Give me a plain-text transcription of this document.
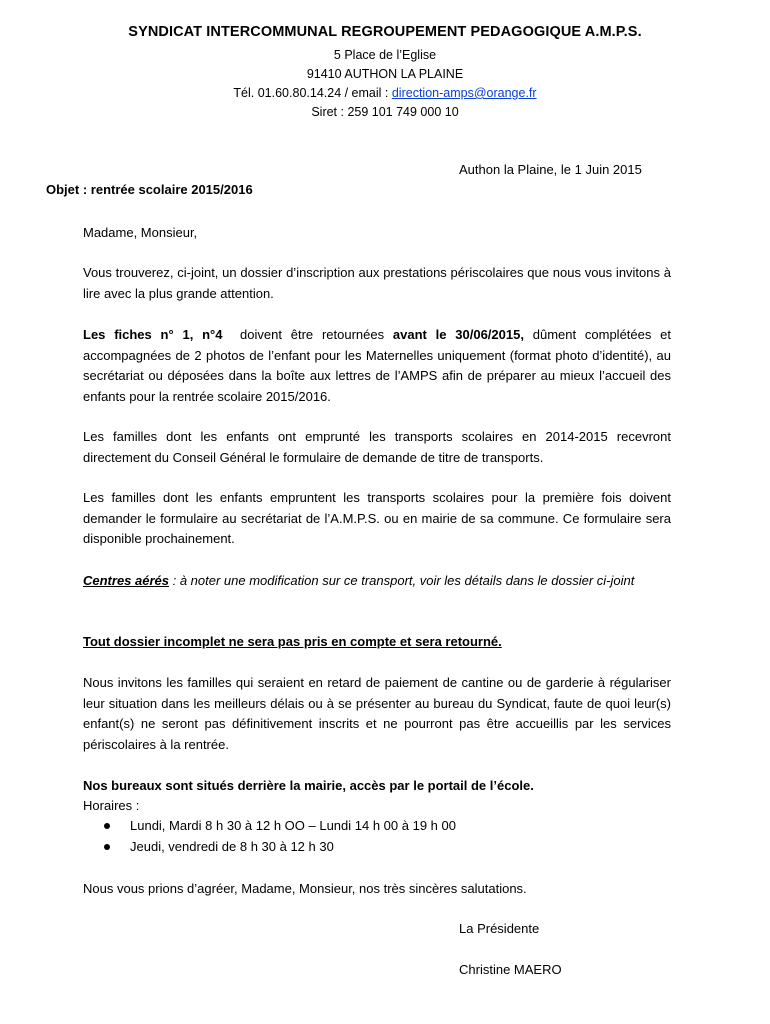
SYNDICAT INTERCOMMUNAL REGROUPEMENT PEDAGOGIQUE A.M.P.S.
5 Place de l’Eglise
91410 AUTHON LA PLAINE
Tél. 01.60.80.14.24 / email : direction-amps@orange.fr
Siret : 259 101 749 000 10
Authon la Plaine, le 1 Juin 2015
Objet : rentrée scolaire 2015/2016
Madame, Monsieur,
Vous trouverez, ci-joint, un dossier d’inscription aux prestations périscolaires que nous vous invitons à lire avec la plus grande attention.
Les fiches n° 1, n°4  doivent être retournées avant le 30/06/2015, dûment complétées et accompagnées de 2 photos de l’enfant pour les Maternelles uniquement (format photo d’identité), au secrétariat ou déposées dans la boîte aux lettres de l’AMPS afin de préparer au mieux l’accueil des enfants pour la rentrée scolaire 2015/2016.
Les familles dont les enfants ont emprunté les transports scolaires en 2014-2015 recevront directement du Conseil Général le formulaire de demande de titre de transports.
Les familles dont les enfants empruntent les transports scolaires pour la première fois doivent demander le formulaire au secrétariat de l’A.M.P.S. ou en mairie de sa commune. Ce formulaire sera disponible prochainement.
Centres aérés : à noter une modification sur ce transport, voir les détails dans le dossier ci-joint
Tout dossier incomplet ne sera pas pris en compte et sera retourné.
Nous invitons les familles qui seraient en retard de paiement de cantine ou de garderie à régulariser leur situation dans les meilleurs délais ou à se présenter au bureau du Syndicat, faute de quoi leur(s) enfant(s) ne seront pas définitivement inscrits et ne pourront pas être accueillis par les services périscolaires à la rentrée.
Nos bureaux sont situés derrière la mairie, accès par le portail de l’école.
Horaires :
Lundi, Mardi 8 h 30 à 12 h OO – Lundi 14 h 00 à 19 h 00
Jeudi, vendredi de 8 h 30 à 12 h 30
Nous vous prions d’agréer, Madame, Monsieur, nos très sincères salutations.
La Présidente
Christine MAERO
